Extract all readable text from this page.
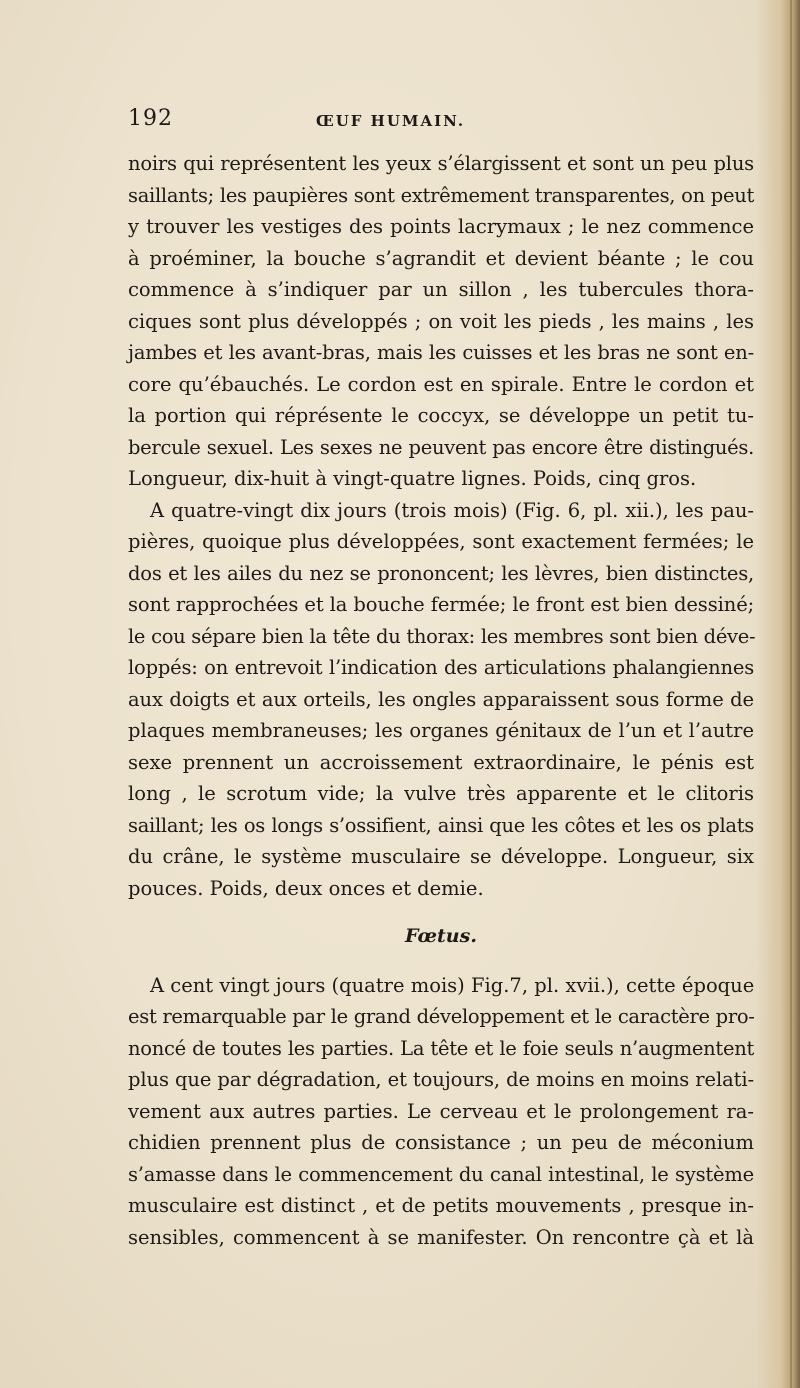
192	ŒUF HUMAIN.
noirs qui représentent les yeux s’élargissent et sont un peu plus
saillants; les paupières sont extrêmement transparentes, on peut
y trouver les vestiges des points lacrymaux ; le nez commence
à proéminer, la bouche s’agrandit et devient béante ; le cou
commence à s’indiquer par un sillon , les tubercules thora-
ciques sont plus développés ; on voit les pieds , les mains , les
jambes et les avant-bras, mais les cuisses et les bras ne sont en-
core qu’ébauchés. Le cordon est en spirale. Entre le cordon et
la portion qui réprésente le coccyx, se développe un petit tu-
bercule sexuel. Les sexes ne peuvent pas encore être distingués.
Longueur, dix-huit à vingt-quatre lignes. Poids, cinq gros.
A quatre-vingt dix jours (trois mois) (Fig. 6, pl. xii.), les pau-
pières, quoique plus développées, sont exactement fermées; le
dos et les ailes du nez se prononcent; les lèvres, bien distinctes,
sont rapprochées et la bouche fermée; le front est bien dessiné;
le cou sépare bien la tête du thorax: les membres sont bien déve-
loppés: on entrevoit l’indication des articulations phalangiennes
aux doigts et aux orteils, les ongles apparaissent sous forme de
plaques membraneuses; les organes génitaux de l’un et l’autre
sexe prennent un accroissement extraordinaire, le pénis est
long , le scrotum vide; la vulve très apparente et le clitoris
saillant; les os longs s’ossifient, ainsi que les côtes et les os plats
du crâne, le système musculaire se développe. Longueur, six
pouces. Poids, deux onces et demie.
Fœtus.
A cent vingt jours (quatre mois) Fig.7, pl. xvii.), cette époque
est remarquable par le grand développement et le caractère pro-
noncé de toutes les parties. La tête et le foie seuls n’augmentent
plus que par dégradation, et toujours, de moins en moins relati-
vement aux autres parties. Le cerveau et le prolongement ra-
chidien prennent plus de consistance ; un peu de méconium
s’amasse dans le commencement du canal intestinal, le système
musculaire est distinct , et de petits mouvements , presque in-
sensibles, commencent à se manifester. On rencontre çà et là
